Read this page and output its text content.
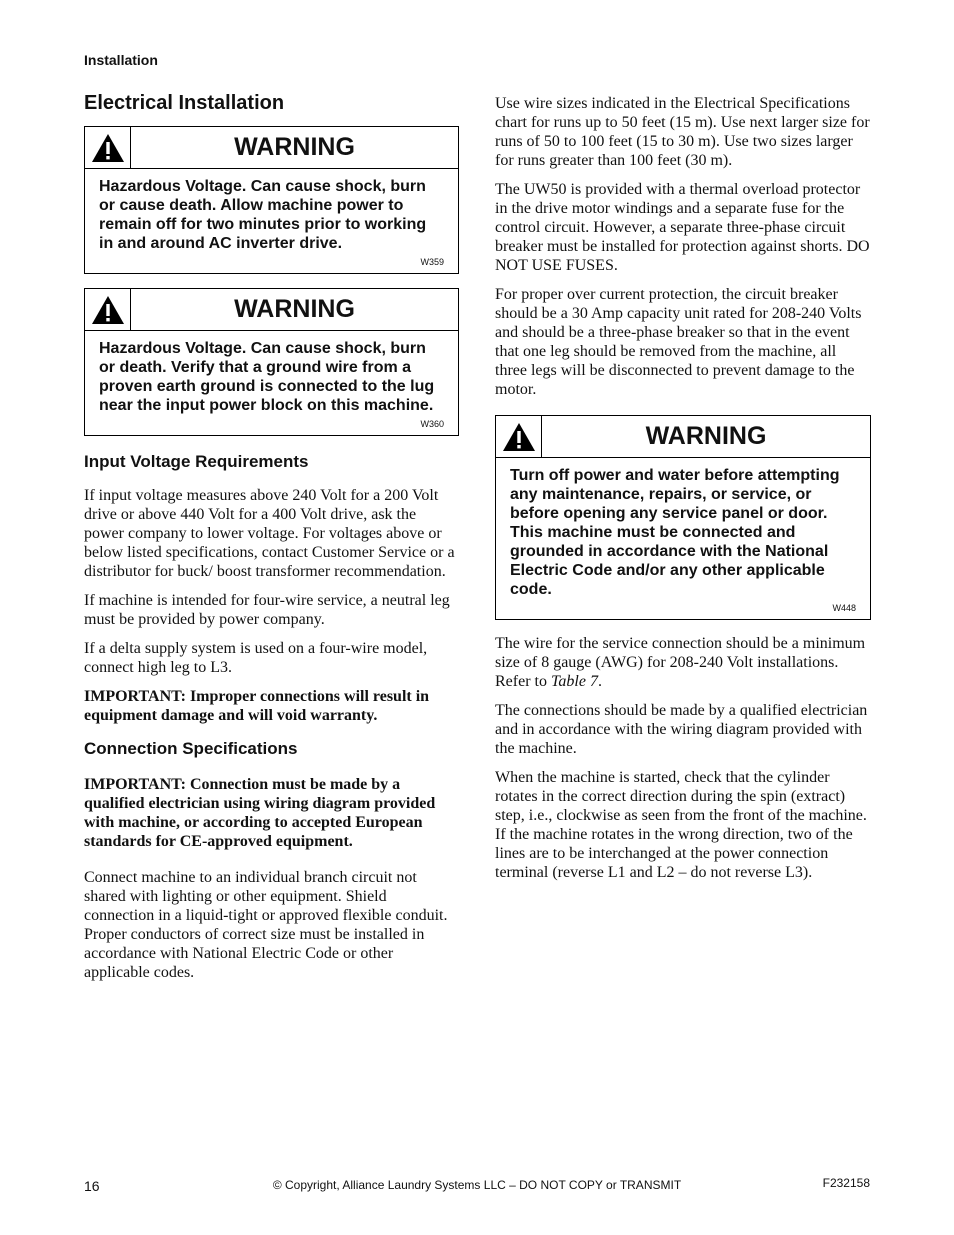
Installation
Electrical Installation
WARNING

Hazardous Voltage. Can cause shock, burn or cause death. Allow machine power to remain off for two minutes prior to working in and around AC inverter drive.

W359
WARNING

Hazardous Voltage. Can cause shock, burn or death. Verify that a ground wire from a proven earth ground is connected to the lug near the input power block on this machine.

W360
Input Voltage Requirements

If input voltage measures above 240 Volt for a 200 Volt drive or above 440 Volt for a 400 Volt drive, ask the power company to lower voltage. For voltages above or below listed specifications, contact Customer Service or a distributor for buck/ boost transformer recommendation.

If machine is intended for four-wire service, a neutral leg must be provided by power company.

If a delta supply system is used on a four-wire model, connect high leg to L3.

IMPORTANT: Improper connections will result in equipment damage and will void warranty.

Connection Specifications

IMPORTANT: Connection must be made by a qualified electrician using wiring diagram provided with machine, or according to accepted European standards for CE-approved equipment.

Connect machine to an individual branch circuit not shared with lighting or other equipment. Shield connection in a liquid-tight or approved flexible conduit. Proper conductors of correct size must be installed in accordance with National Electric Code or other applicable codes.

Use wire sizes indicated in the Electrical Specifications chart for runs up to 50 feet (15 m). Use next larger size for runs of 50 to 100 feet (15 to 30 m). Use two sizes larger for runs greater than 100 feet (30 m).

The UW50 is provided with a thermal overload protector in the drive motor windings and a separate fuse for the control circuit. However, a separate three-phase circuit breaker must be installed for protection against shorts. DO NOT USE FUSES.

For proper over current protection, the circuit breaker should be a 30 Amp capacity unit rated for 208-240 Volts and should be a three-phase breaker so that in the event that one leg should be removed from the machine, all three legs will be disconnected to prevent damage to the motor.

WARNING

Turn off power and water before attempting any maintenance, repairs, or service, or before opening any service panel or door. This machine must be connected and grounded in accordance with the National Electric Code and/or any other applicable code.

W448

The wire for the service connection should be a minimum size of 8 gauge (AWG) for 208-240 Volt installations. Refer to Table 7.

The connections should be made by a qualified electrician and in accordance with the wiring diagram provided with the machine.

When the machine is started, check that the cylinder rotates in the correct direction during the spin (extract) step, i.e., clockwise as seen from the front of the machine. If the machine rotates in the wrong direction, two of the lines are to be interchanged at the power connection terminal (reverse L1 and L2 – do not reverse L3).

16	© Copyright, Alliance Laundry Systems LLC – DO NOT COPY or TRANSMIT	F232158
